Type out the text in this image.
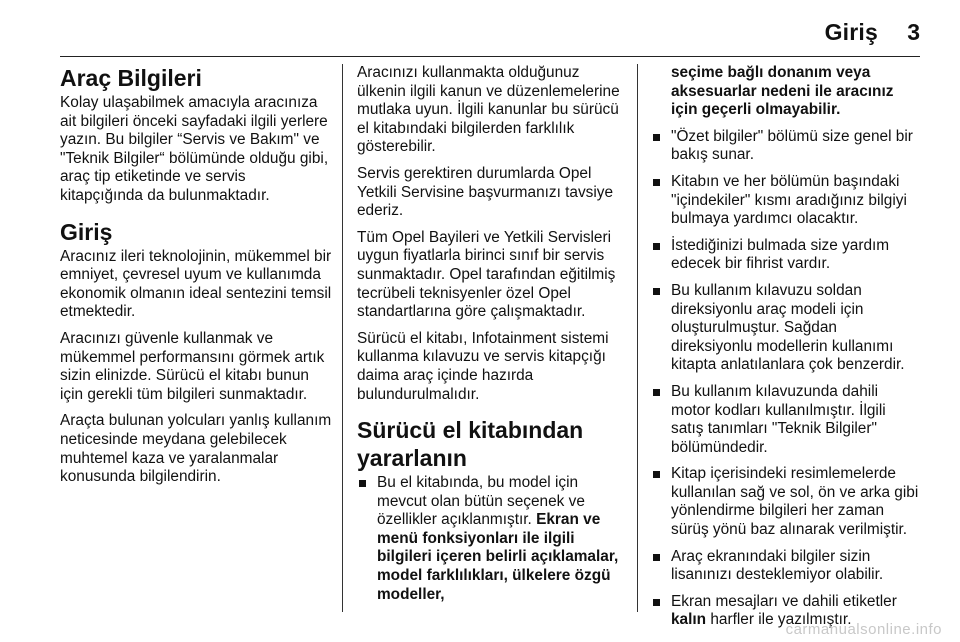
Giriş 3
Araç Bilgileri

Kolay ulaşabilmek amacıyla aracınıza ait bilgileri önceki sayfadaki ilgili yerlere yazın. Bu bilgiler “Servis ve Bakım" ve "Teknik Bilgiler“ bölümünde olduğu gibi, araç tip etiketinde ve servis kitapçığında da bulunmaktadır.

Giriş

Aracınız ileri teknolojinin, mükemmel bir emniyet, çevresel uyum ve kullanımda ekonomik olmanın ideal sentezini temsil etmektedir.

Aracınızı güvenle kullanmak ve mükemmel performansını görmek artık sizin elinizde. Sürücü el kitabı bunun için gerekli tüm bilgileri sunmaktadır.

Araçta bulunan yolcuları yanlış kullanım neticesinde meydana gelebilecek muhtemel kaza ve yaralanmalar konusunda bilgilendirin.

Aracınızı kullanmakta olduğunuz ülkenin ilgili kanun ve düzenlemelerine mutlaka uyun. İlgili kanunlar bu sürücü el kitabındaki bilgilerden farklılık gösterebilir.

Servis gerektiren durumlarda Opel Yetkili Servisine başvurmanızı tavsiye ederiz.

Tüm Opel Bayileri ve Yetkili Servisleri uygun fiyatlarla birinci sınıf bir servis sunmaktadır. Opel tarafından eğitilmiş tecrübeli teknisyenler özel Opel standartlarına göre çalışmaktadır.

Sürücü el kitabı, Infotainment sistemi kullanma kılavuzu ve servis kitapçığı daima araç içinde hazırda bulundurulmalıdır.

Sürücü el kitabından yararlanın
Bu el kitabında, bu model için mevcut olan bütün seçenek ve özellikler açıklanmıştır. Ekran ve menü fonksiyonları ile ilgili bilgileri içeren belirli açıklamalar, model farklılıkları, ülkelere özgü modeller,
seçime bağlı donanım veya aksesuarlar nedeni ile aracınız için geçerli olmayabilir.
"Özet bilgiler" bölümü size genel bir bakış sunar.
Kitabın ve her bölümün başındaki "içindekiler" kısmı aradığınız bilgiyi bulmaya yardımcı olacaktır.
İstediğinizi bulmada size yardım edecek bir fihrist vardır.
Bu kullanım kılavuzu soldan direksiyonlu araç modeli için oluşturulmuştur. Sağdan direksiyonlu modellerin kullanımı kitapta anlatılanlara çok benzerdir.
Bu kullanım kılavuzunda dahili motor kodları kullanılmıştır. İlgili satış tanımları "Teknik Bilgiler" bölümündedir.
Kitap içerisindeki resimlemelerde kullanılan sağ ve sol, ön ve arka gibi yönlendirme bilgileri her zaman sürüş yönü baz alınarak verilmiştir.
Araç ekranındaki bilgiler sizin lisanınızı desteklemiyor olabilir.
Ekran mesajları ve dahili etiketler kalın harfler ile yazılmıştır.
carmanualsonline.info
